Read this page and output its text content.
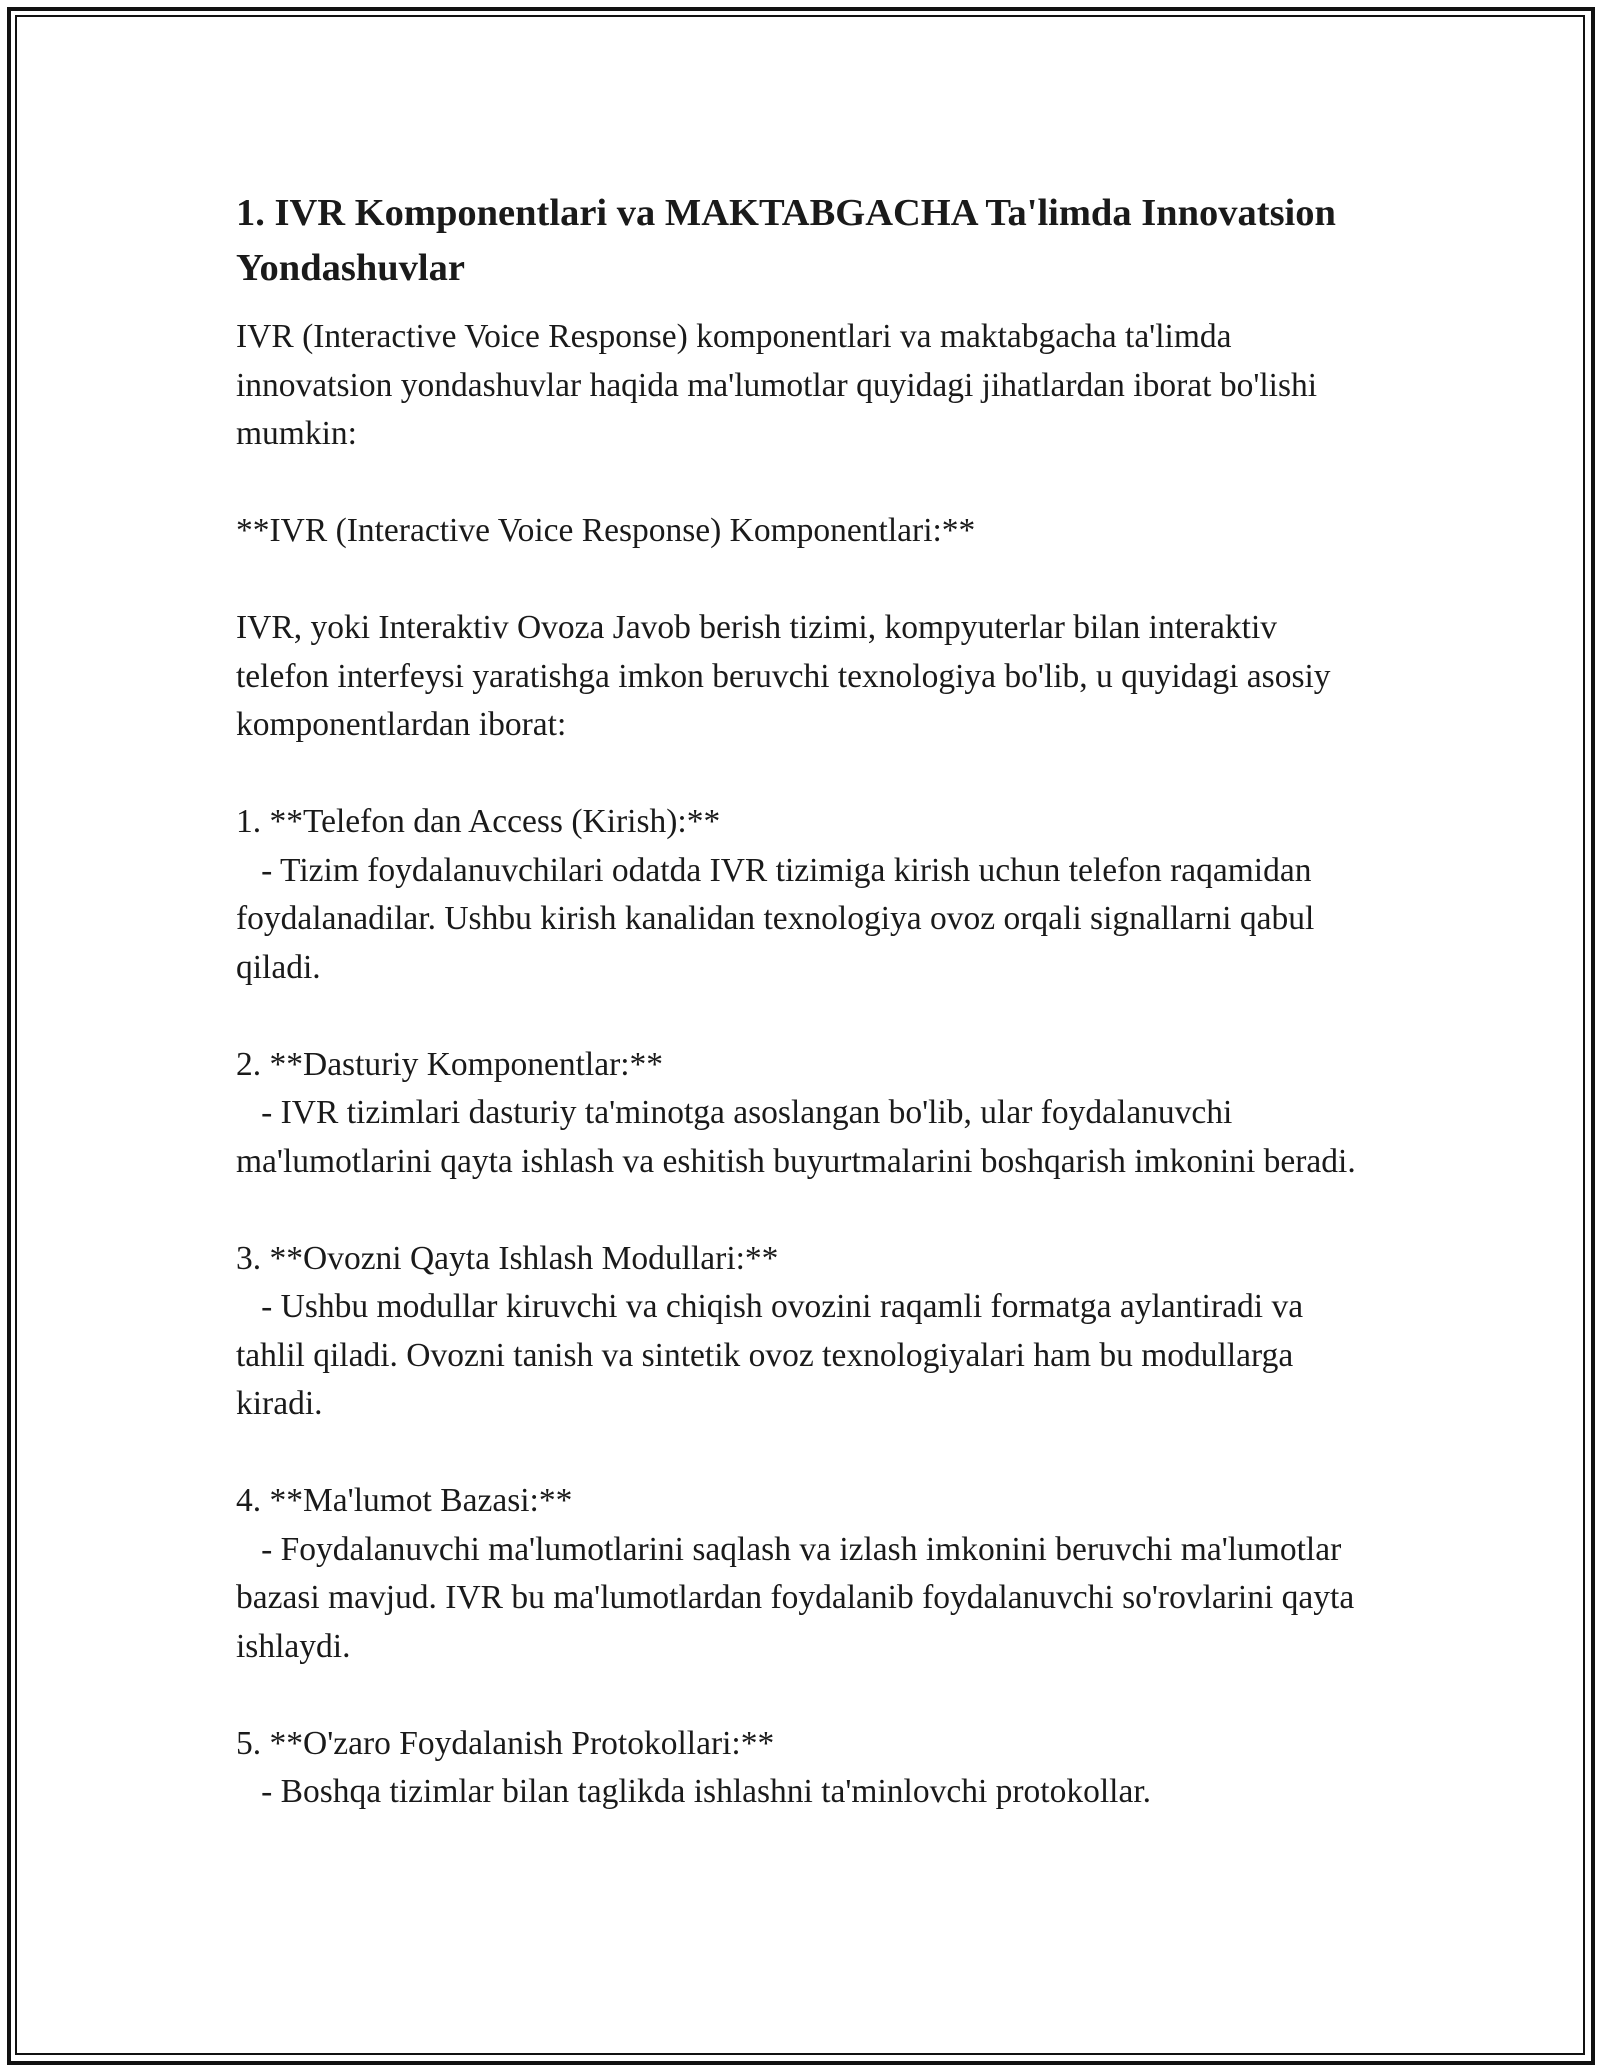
1. IVR Komponentlari va MAKTABGACHA Ta'limda Innovatsion Yondashuvlar

IVR (Interactive Voice Response) komponentlari va maktabgacha ta'limda innovatsion yondashuvlar haqida ma'lumotlar quyidagi jihatlardan iborat bo'lishi mumkin:

**IVR (Interactive Voice Response) Komponentlari:**

IVR, yoki Interaktiv Ovoza Javob berish tizimi, kompyuterlar bilan interaktiv telefon interfeysi yaratishga imkon beruvchi texnologiya bo'lib, u quyidagi asosiy komponentlardan iborat:

1. **Telefon dan Access (Kirish):**

- Tizim foydalanuvchilari odatda IVR tizimiga kirish uchun telefon raqamidan foydalanadilar. Ushbu kirish kanalidan texnologiya ovoz orqali signallarni qabul qiladi.

2. **Dasturiy Komponentlar:**

- IVR tizimlari dasturiy ta'minotga asoslangan bo'lib, ular foydalanuvchi ma'lumotlarini qayta ishlash va eshitish buyurtmalarini boshqarish imkonini beradi.

3. **Ovozni Qayta Ishlash Modullari:**

- Ushbu modullar kiruvchi va chiqish ovozini raqamli formatga aylantiradi va tahlil qiladi. Ovozni tanish va sintetik ovoz texnologiyalari ham bu modullarga kiradi.

4. **Ma'lumot Bazasi:**

- Foydalanuvchi ma'lumotlarini saqlash va izlash imkonini beruvchi ma'lumotlar bazasi mavjud. IVR bu ma'lumotlardan foydalanib foydalanuvchi so'rovlarini qayta ishlaydi.

5. **O'zaro Foydalanish Protokollari:**

- Boshqa tizimlar bilan taglikda ishlashni ta'minlovchi protokollar.
